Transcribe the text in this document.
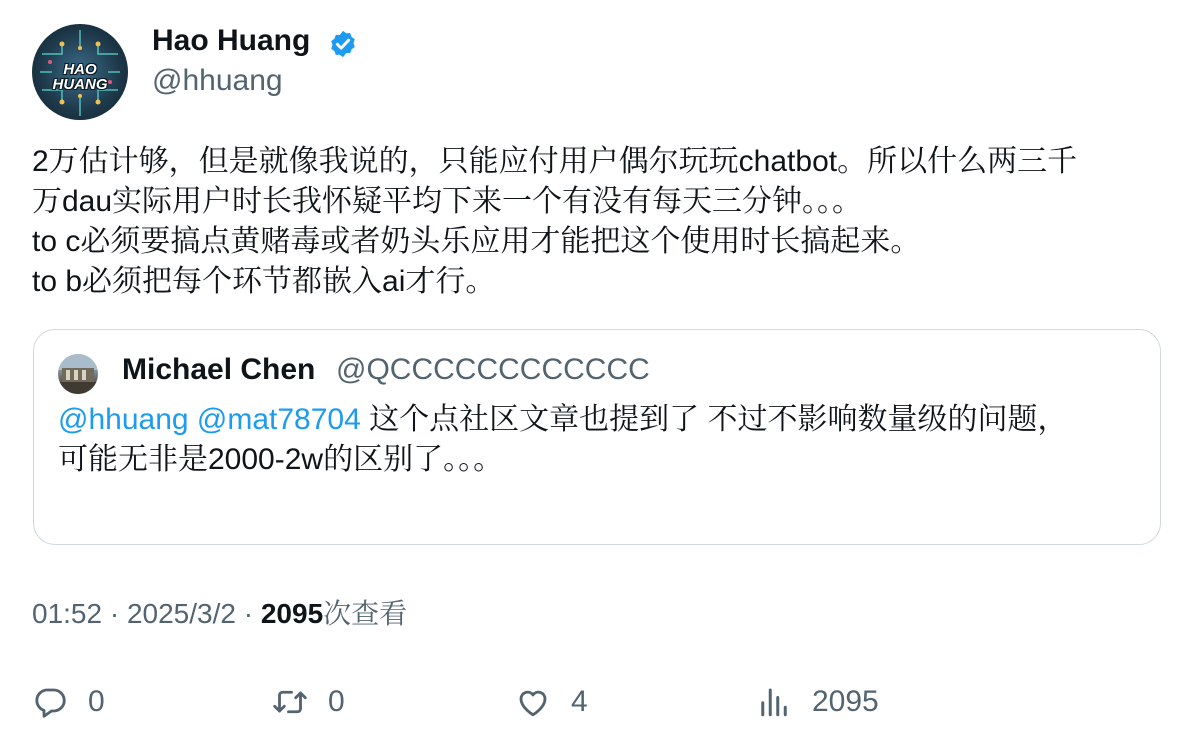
HAO
HUANG
Hao Huang
@hhuang
2万估计够，但是就像我说的，只能应付用户偶尔玩玩chatbot。所以什么两三千
万dau实际用户时长我怀疑平均下来一个有没有每天三分钟。。。
to c必须要搞点黄赌毒或者奶头乐应用才能把这个使用时长搞起来。
to b必须把每个环节都嵌入ai才行。
Michael Chen @QCCCCCCCCCCCC
@hhuang @mat78704 这个点社区文章也提到了 不过不影响数量级的问题，
可能无非是2000-2w的区别了。。。
01:52 · 2025/3/2 · 2095次查看
0	0	4	2095
